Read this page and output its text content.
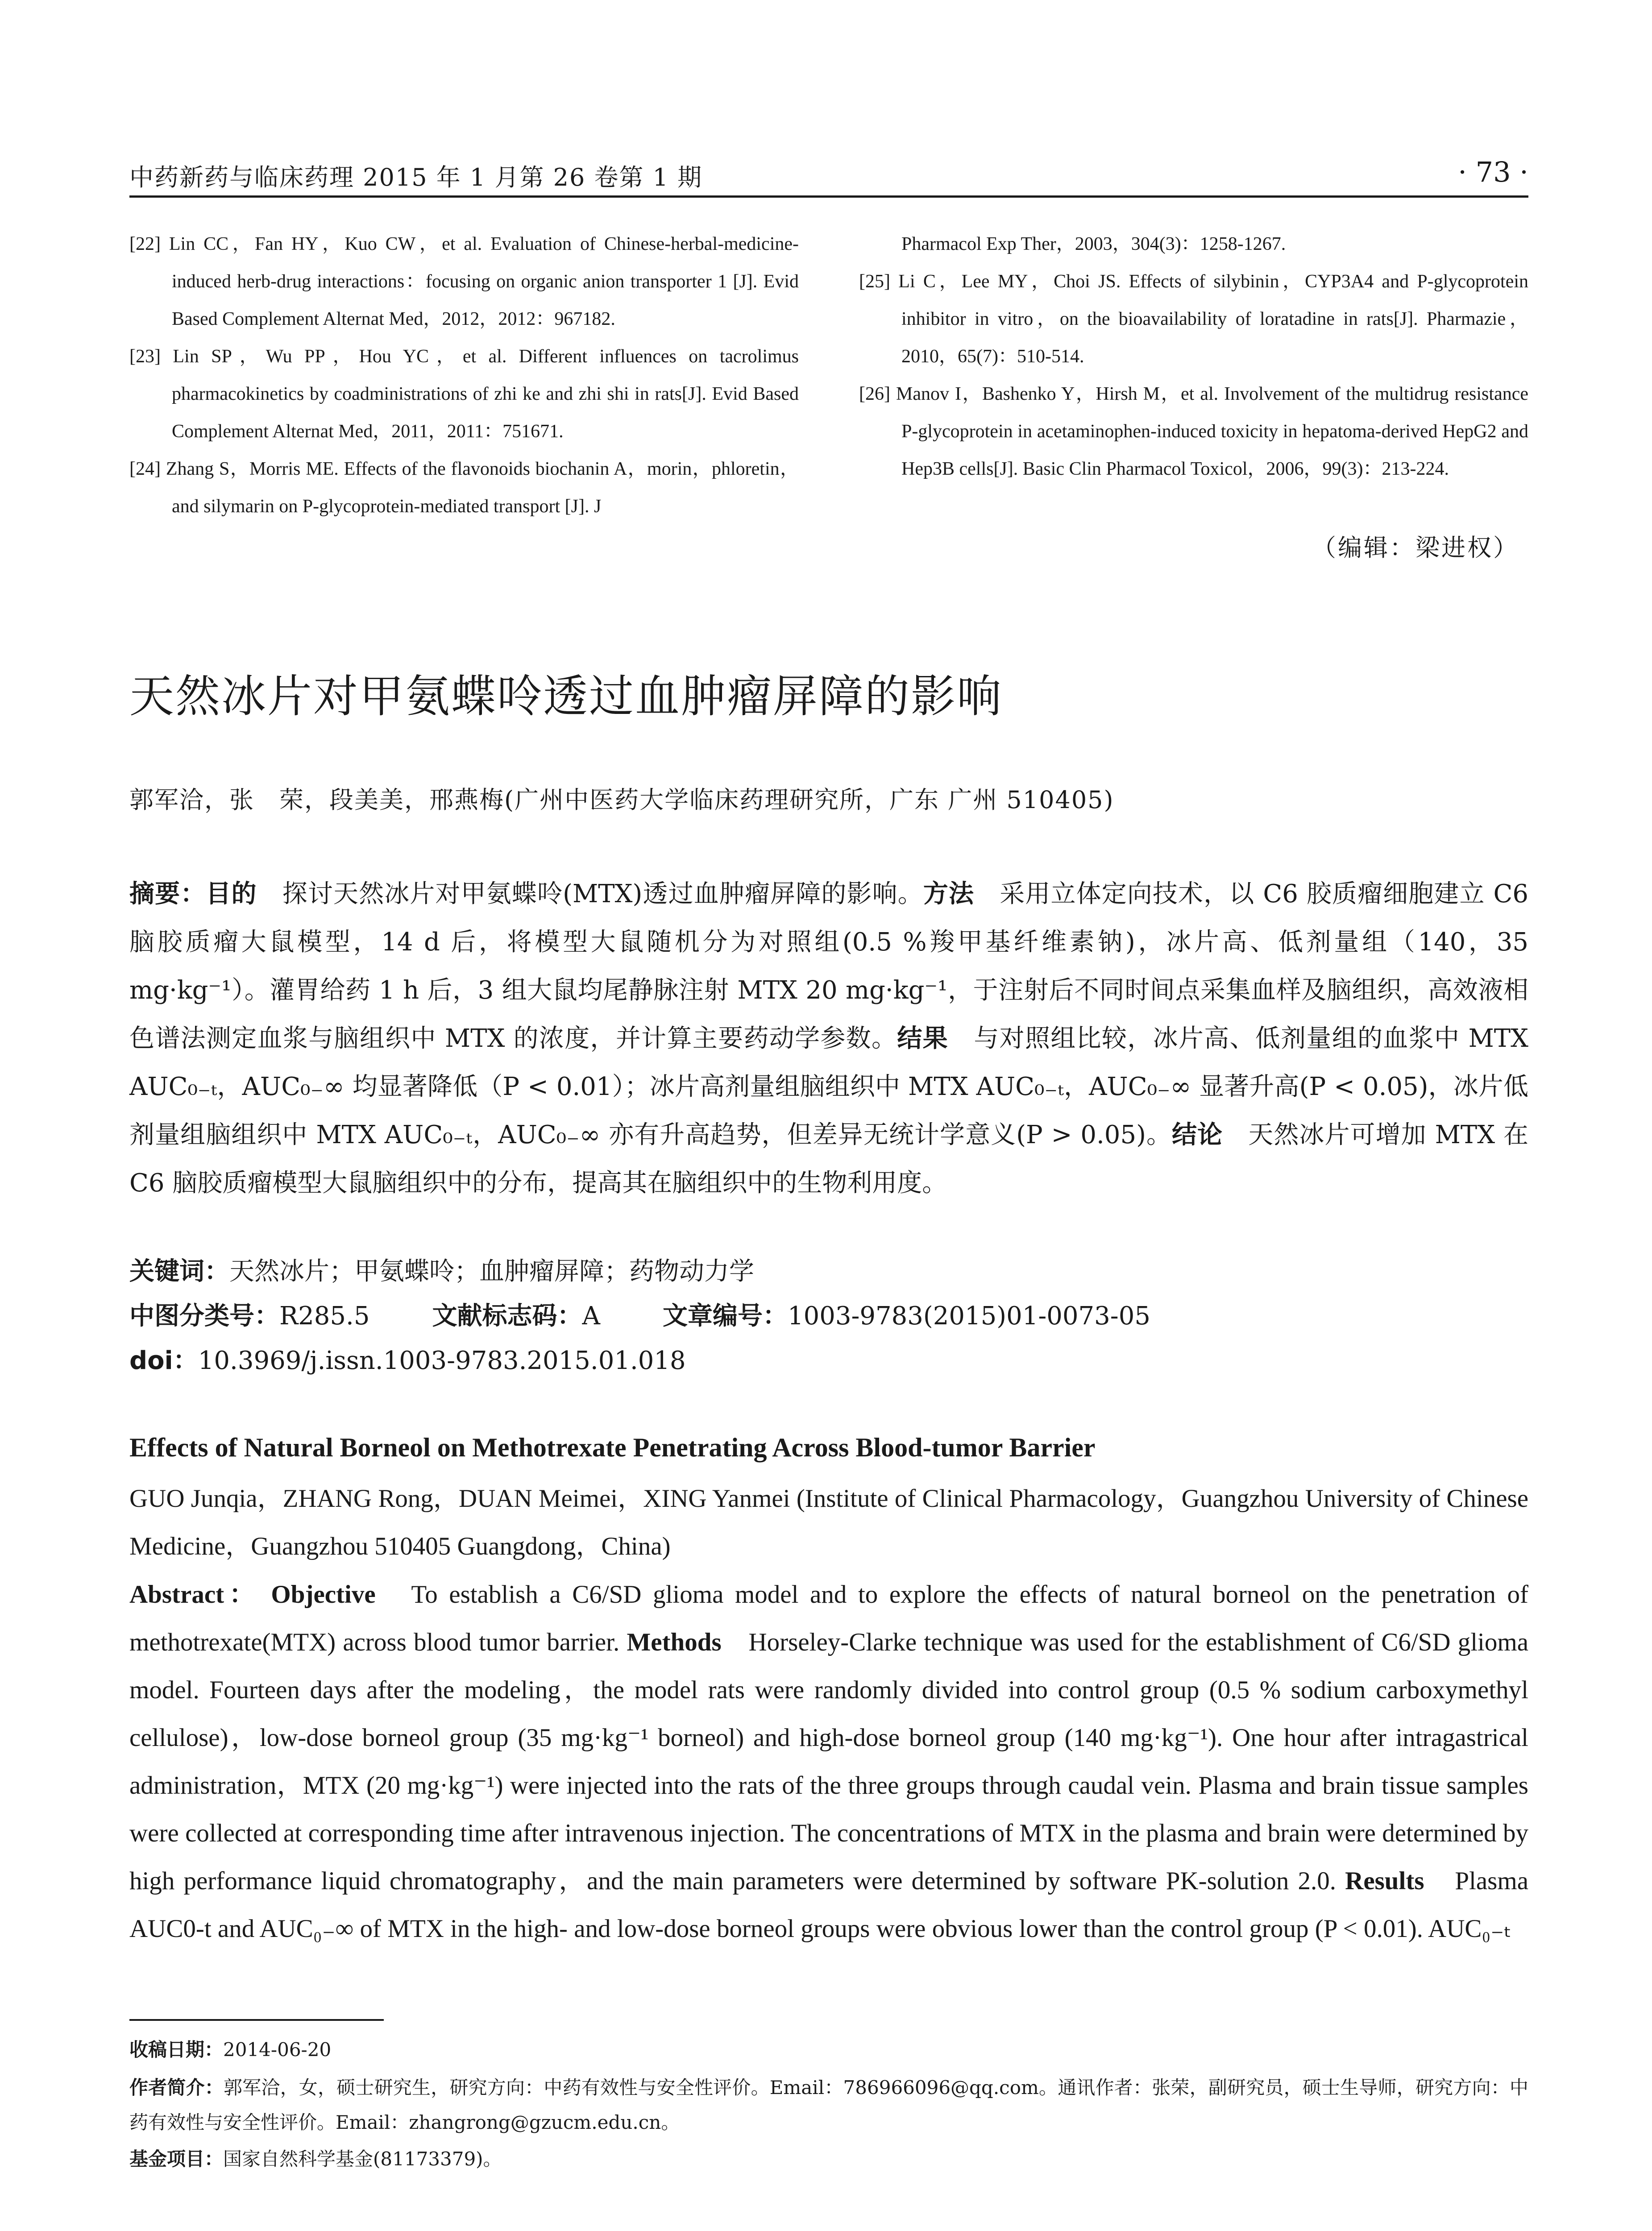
中药新药与临床药理 2015 年 1 月第 26 卷第 1 期	· 73 ·
[22] Lin CC，Fan HY，Kuo CW，et al. Evaluation of Chinese-herbal-medicine-induced herb-drug interactions：focusing on organic anion transporter 1 [J]. Evid Based Complement Alternat Med，2012，2012：967182.
[23] Lin SP，Wu PP，Hou YC，et al. Different influences on tacrolimus pharmacokinetics by coadministrations of zhi ke and zhi shi in rats[J]. Evid Based Complement Alternat Med，2011，2011：751671.
[24] Zhang S，Morris ME. Effects of the flavonoids biochanin A，morin，phloretin，and silymarin on P-glycoprotein-mediated transport [J]. J
Pharmacol Exp Ther，2003，304(3)：1258-1267.
[25] Li C，Lee MY，Choi JS. Effects of silybinin，CYP3A4 and P-glycoprotein inhibitor in vitro，on the bioavailability of loratadine in rats[J]. Pharmazie，2010，65(7)：510-514.
[26] Manov I，Bashenko Y，Hirsh M，et al. Involvement of the multidrug resistance P-glycoprotein in acetaminophen-induced toxicity in hepatoma-derived HepG2 and Hep3B cells[J]. Basic Clin Pharmacol Toxicol，2006，99(3)：213-224.
（编辑：梁进权）
天然冰片对甲氨蝶呤透过血肿瘤屏障的影响
郭军洽，张　荣，段美美，邢燕梅(广州中医药大学临床药理研究所，广东 广州 510405)

摘要：目的　探讨天然冰片对甲氨蝶呤(MTX)透过血肿瘤屏障的影响。方法　采用立体定向技术，以 C6 胶质瘤细胞建立 C6 脑胶质瘤大鼠模型，14 d 后，将模型大鼠随机分为对照组(0.5 %羧甲基纤维素钠)，冰片高、低剂量组（140，35 mg·kg⁻¹）。灌胃给药 1 h 后，3 组大鼠均尾静脉注射 MTX 20 mg·kg⁻¹，于注射后不同时间点采集血样及脑组织，高效液相色谱法测定血浆与脑组织中 MTX 的浓度，并计算主要药动学参数。结果　与对照组比较，冰片高、低剂量组的血浆中 MTX AUC₀₋ₜ，AUC₀₋∞ 均显著降低（P < 0.01）；冰片高剂量组脑组织中 MTX AUC₀₋ₜ，AUC₀₋∞ 显著升高(P < 0.05)，冰片低剂量组脑组织中 MTX AUC₀₋ₜ，AUC₀₋∞ 亦有升高趋势，但差异无统计学意义(P > 0.05)。结论　天然冰片可增加 MTX 在 C6 脑胶质瘤模型大鼠脑组织中的分布，提高其在脑组织中的生物利用度。

关键词：天然冰片；甲氨蝶呤；血肿瘤屏障；药物动力学
中图分类号：R285.5	文献标志码：A	文章编号：1003-9783(2015)01-0073-05
doi：10.3969/j.issn.1003-9783.2015.01.018
Effects of Natural Borneol on Methotrexate Penetrating Across Blood-tumor Barrier

GUO Junqia，ZHANG Rong，DUAN Meimei，XING Yanmei (Institute of Clinical Pharmacology，Guangzhou University of Chinese Medicine，Guangzhou 510405 Guangdong，China)

Abstract： Objective　To establish a C6/SD glioma model and to explore the effects of natural borneol on the penetration of methotrexate(MTX) across blood tumor barrier. Methods　Horseley-Clarke technique was used for the establishment of C6/SD glioma model. Fourteen days after the modeling，the model rats were randomly divided into control group (0.5 % sodium carboxymethyl cellulose)，low-dose borneol group (35 mg·kg⁻¹ borneol) and high-dose borneol group (140 mg·kg⁻¹). One hour after intragastrical administration，MTX (20 mg·kg⁻¹) were injected into the rats of the three groups through caudal vein. Plasma and brain tissue samples were collected at corresponding time after intravenous injection. The concentrations of MTX in the plasma and brain were determined by high performance liquid chromatography，and the main parameters were determined by software PK-solution 2.0. Results　Plasma AUC0-t and AUC₀₋∞ of MTX in the high- and low-dose borneol groups were obvious lower than the control group (P < 0.01). AUC₀₋ₜ

收稿日期：2014-06-20
作者简介：郭军洽，女，硕士研究生，研究方向：中药有效性与安全性评价。Email：786966096@qq.com。通讯作者：张荣，副研究员，硕士生导师，研究方向：中药有效性与安全性评价。Email：zhangrong@gzucm.edu.cn。
基金项目：国家自然科学基金(81173379)。
